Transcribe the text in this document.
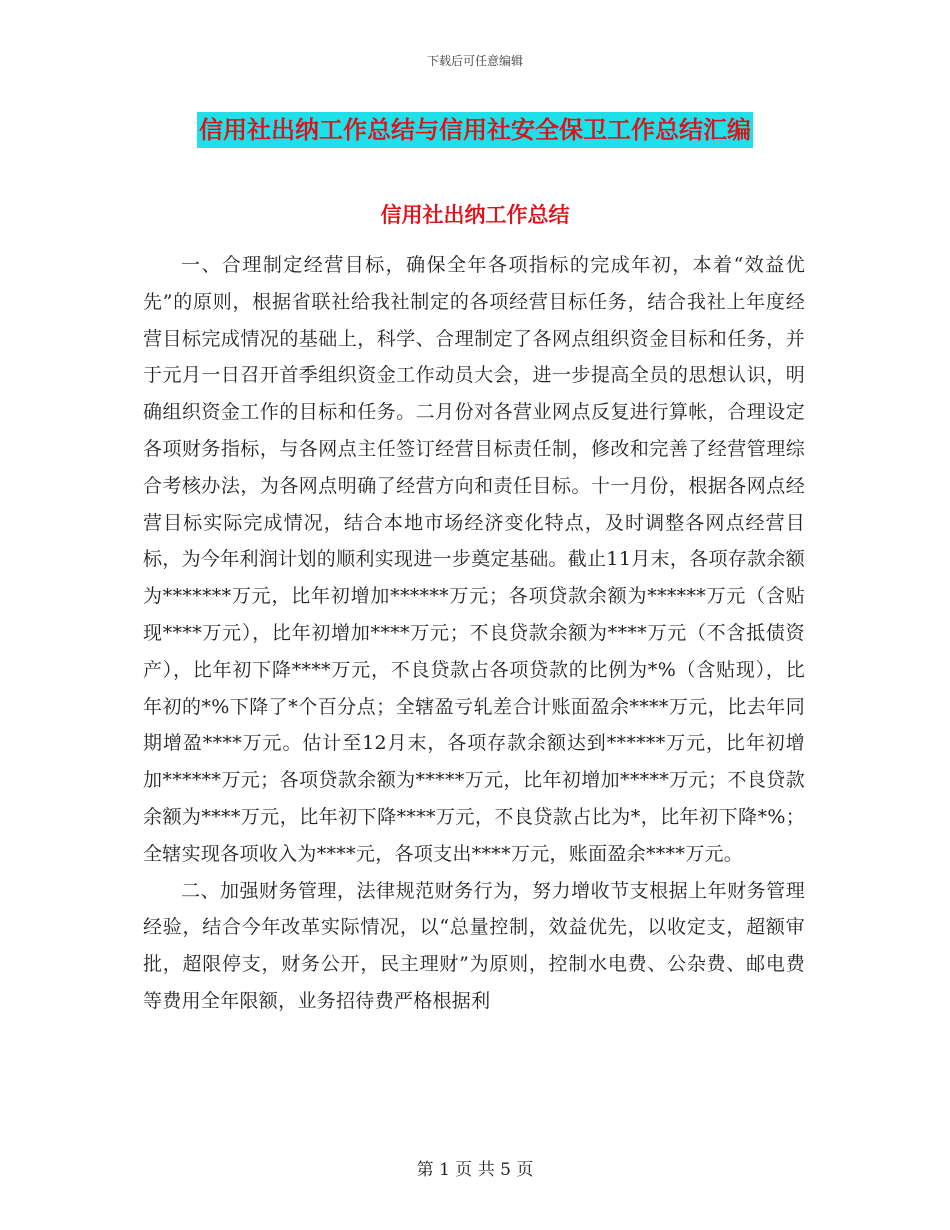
下载后可任意编辑
信用社出纳工作总结与信用社安全保卫工作总结汇编
信用社出纳工作总结

一、合理制定经营目标，确保全年各项指标的完成年初，本着“效益优先”的原则，根据省联社给我社制定的各项经营目标任务，结合我社上年度经营目标完成情况的基础上，科学、合理制定了各网点组织资金目标和任务，并于元月一日召开首季组织资金工作动员大会，进一步提高全员的思想认识，明确组织资金工作的目标和任务。二月份对各营业网点反复进行算帐，合理设定各项财务指标，与各网点主任签订经营目标责任制，修改和完善了经营管理综合考核办法，为各网点明确了经营方向和责任目标。十一月份，根据各网点经营目标实际完成情况，结合本地市场经济变化特点，及时调整各网点经营目标，为今年利润计划的顺利实现进一步奠定基础。截止11月末，各项存款余额为*******万元，比年初增加******万元；各项贷款余额为******万元（含贴现****万元），比年初增加****万元；不良贷款余额为****万元（不含抵债资产），比年初下降****万元，不良贷款占各项贷款的比例为*%（含贴现），比年初的*%下降了*个百分点；全辖盈亏轧差合计账面盈余****万元，比去年同期增盈****万元。估计至12月末，各项存款余额达到******万元，比年初增加******万元；各项贷款余额为*****万元，比年初增加*****万元；不良贷款余额为****万元，比年初下降****万元，不良贷款占比为*，比年初下降*%；全辖实现各项收入为****元，各项支出****万元，账面盈余****万元。

二、加强财务管理，法律规范财务行为，努力增收节支根据上年财务管理经验，结合今年改革实际情况，以“总量控制，效益优先，以收定支，超额审批，超限停支，财务公开，民主理财”为原则，控制水电费、公杂费、邮电费等费用全年限额，业务招待费严格根据利

第 1 页 共 5 页
